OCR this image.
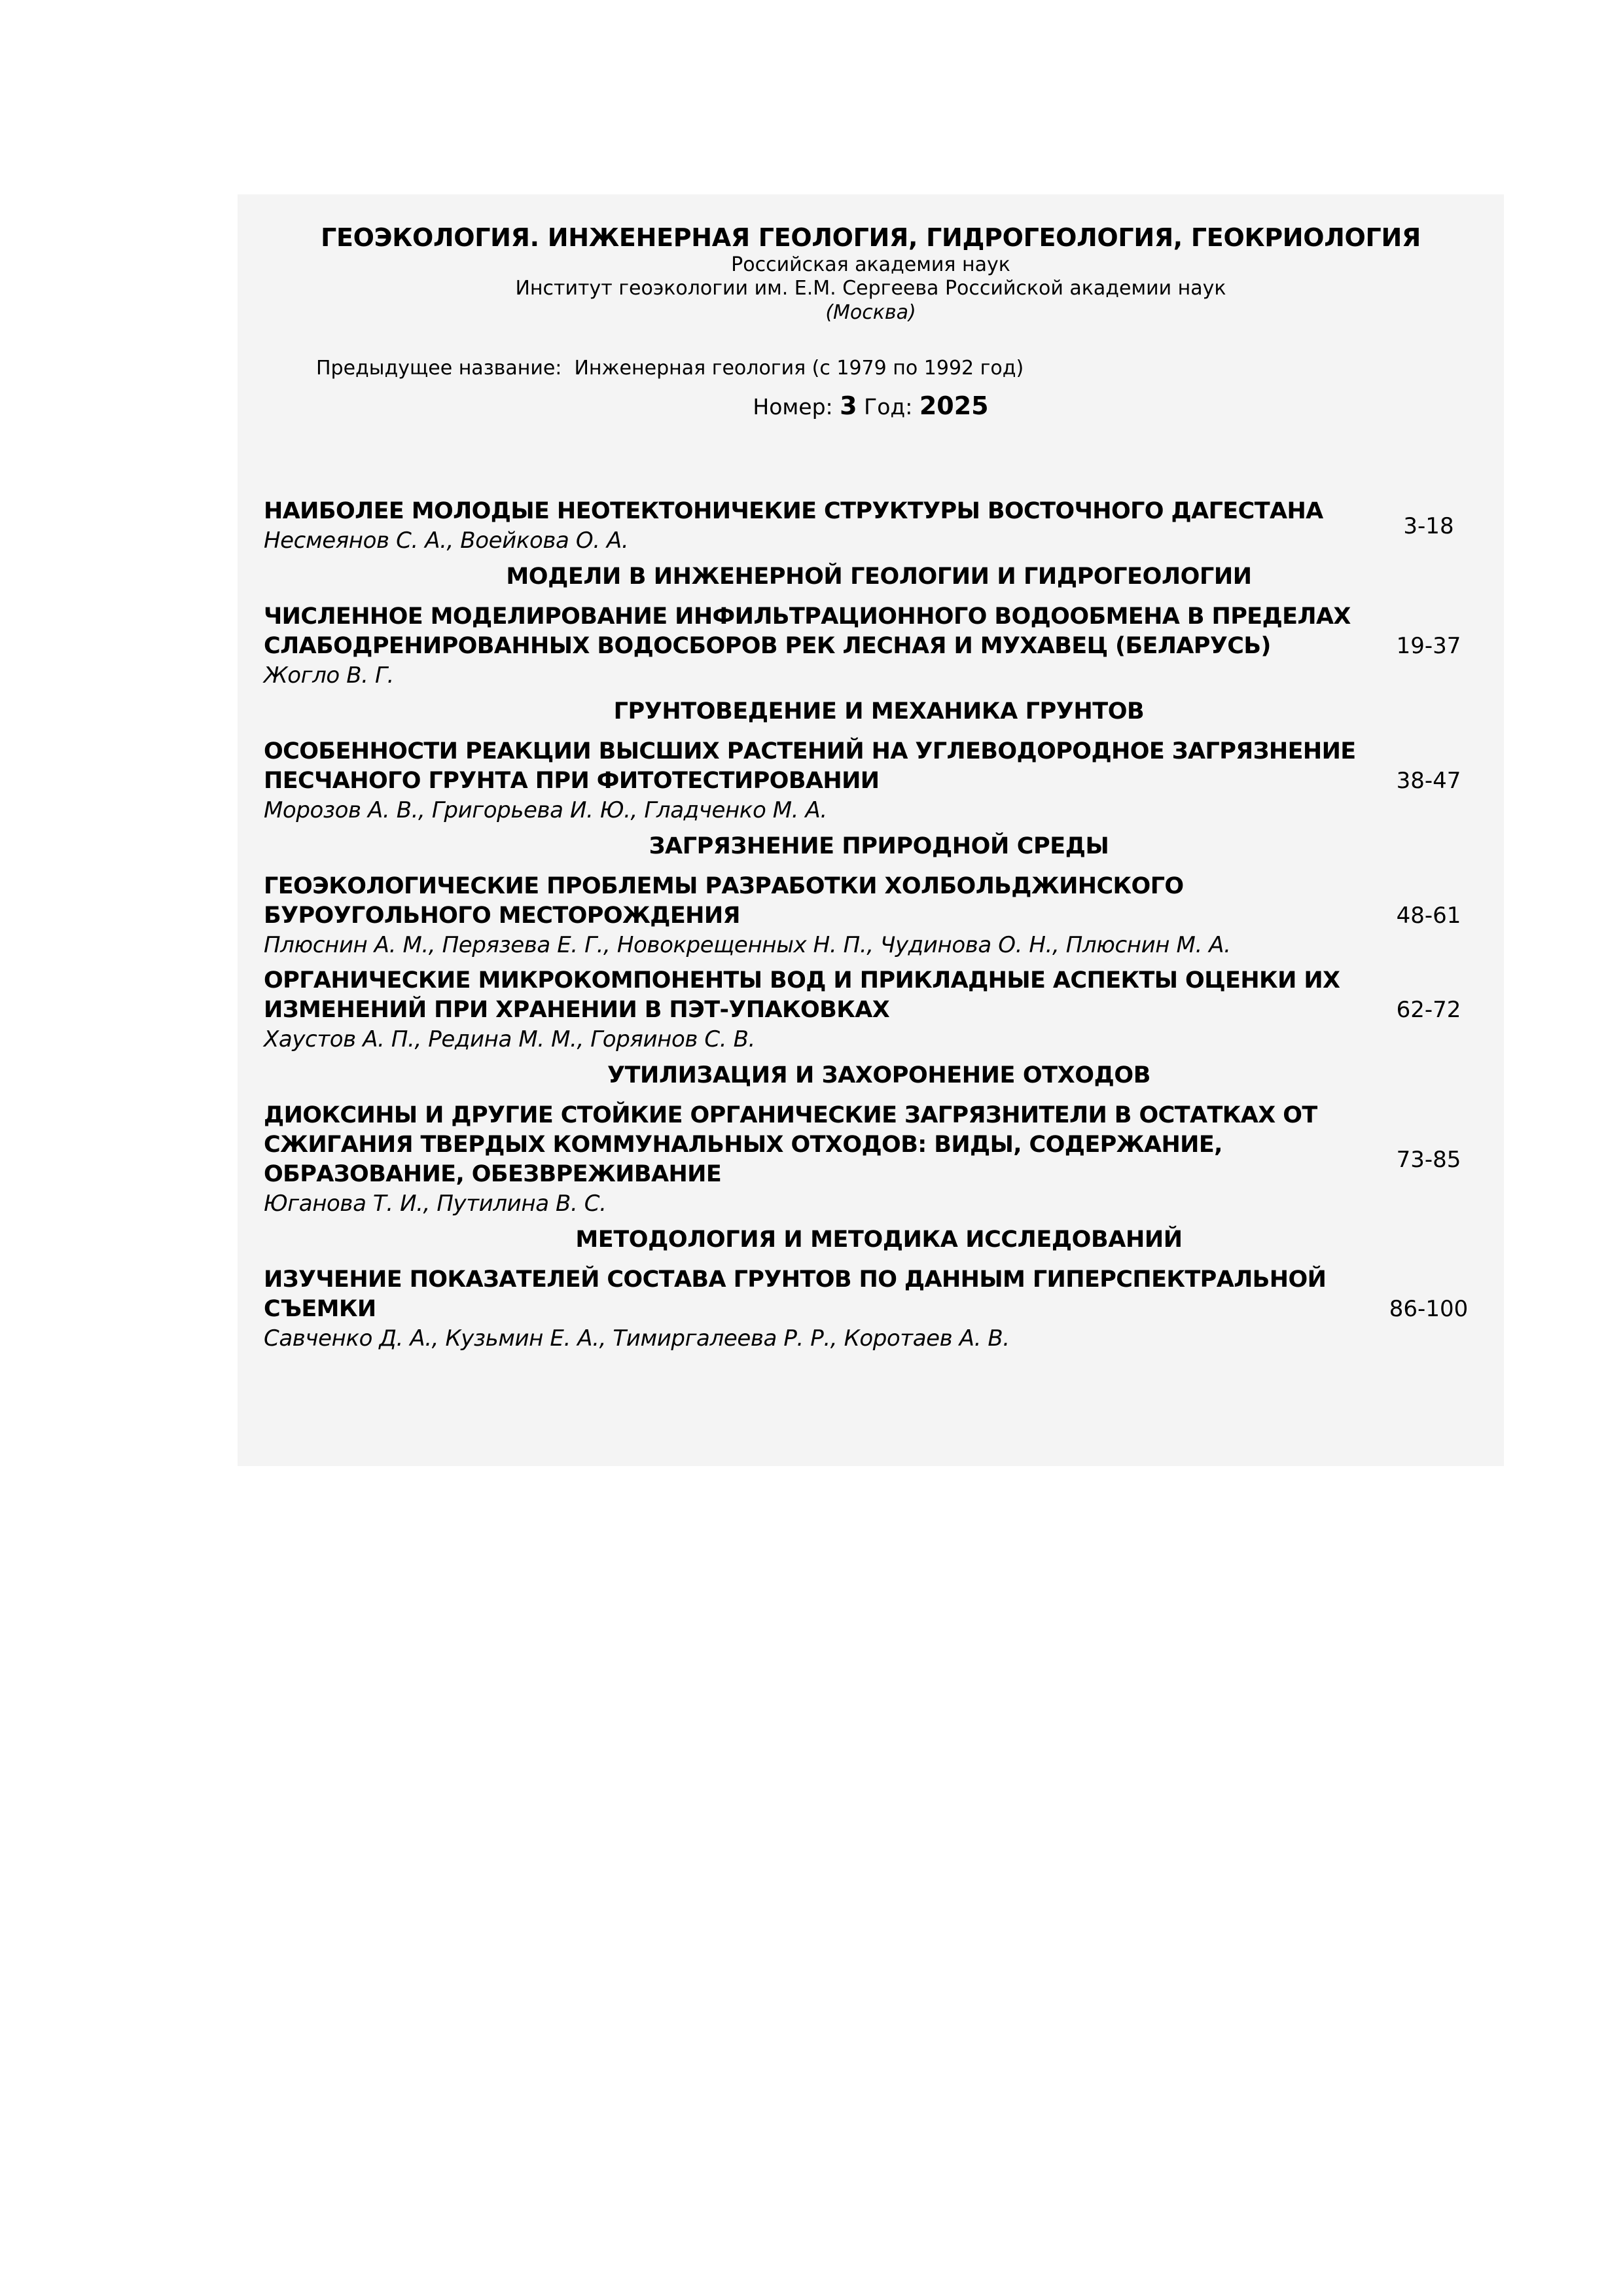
ГЕОЭКОЛОГИЯ. ИНЖЕНЕРНАЯ ГЕОЛОГИЯ, ГИДРОГЕОЛОГИЯ, ГЕОКРИОЛОГИЯ
Российская академия наук
Институт геоэкологии им. Е.М. Сергеева Российской академии наук
(Москва)
Предыдущее название: Инженерная геология (с 1979 по 1992 год)
Номер: 3 Год: 2025
НАИБОЛЕЕ МОЛОДЫЕ НЕОТЕКТОНИЧЕКИЕ СТРУКТУРЫ ВОСТОЧНОГО ДАГЕСТАНА
Несмеянов С. А., Воейкова О. А.
3-18
МОДЕЛИ В ИНЖЕНЕРНОЙ ГЕОЛОГИИ И ГИДРОГЕОЛОГИИ
ЧИСЛЕННОЕ МОДЕЛИРОВАНИЕ ИНФИЛЬТРАЦИОННОГО ВОДООБМЕНА В ПРЕДЕЛАХ
СЛАБОДРЕНИРОВАННЫХ ВОДОСБОРОВ РЕК ЛЕСНАЯ И МУХАВЕЦ (БЕЛАРУСЬ)
Жогло В. Г.
19-37
ГРУНТОВЕДЕНИЕ И МЕХАНИКА ГРУНТОВ
ОСОБЕННОСТИ РЕАКЦИИ ВЫСШИХ РАСТЕНИЙ НА УГЛЕВОДОРОДНОЕ ЗАГРЯЗНЕНИЕ
ПЕСЧАНОГО ГРУНТА ПРИ ФИТОТЕСТИРОВАНИИ
Морозов А. В., Григорьева И. Ю., Гладченко М. А.
38-47
ЗАГРЯЗНЕНИЕ ПРИРОДНОЙ СРЕДЫ
ГЕОЭКОЛОГИЧЕСКИЕ ПРОБЛЕМЫ РАЗРАБОТКИ ХОЛБОЛЬДЖИНСКОГО
БУРОУГОЛЬНОГО МЕСТОРОЖДЕНИЯ
Плюснин А. М., Перязева Е. Г., Новокрещенных Н. П., Чудинова О. Н., Плюснин М. А.
48-61
ОРГАНИЧЕСКИЕ МИКРОКОМПОНЕНТЫ ВОД И ПРИКЛАДНЫЕ АСПЕКТЫ ОЦЕНКИ ИХ
ИЗМЕНЕНИЙ ПРИ ХРАНЕНИИ В ПЭТ-УПАКОВКАХ
Хаустов А. П., Редина М. М., Горяинов С. В.
62-72
УТИЛИЗАЦИЯ И ЗАХОРОНЕНИЕ ОТХОДОВ
ДИОКСИНЫ И ДРУГИЕ СТОЙКИЕ ОРГАНИЧЕСКИЕ ЗАГРЯЗНИТЕЛИ В ОСТАТКАХ ОТ
СЖИГАНИЯ ТВЕРДЫХ КОММУНАЛЬНЫХ ОТХОДОВ: ВИДЫ, СОДЕРЖАНИЕ,
ОБРАЗОВАНИЕ, ОБЕЗВРЕЖИВАНИЕ
Юганова Т. И., Путилина В. С.
73-85
МЕТОДОЛОГИЯ И МЕТОДИКА ИССЛЕДОВАНИЙ
ИЗУЧЕНИЕ ПОКАЗАТЕЛЕЙ СОСТАВА ГРУНТОВ ПО ДАННЫМ ГИПЕРСПЕКТРАЛЬНОЙ
СЪЕМКИ
Савченко Д. А., Кузьмин Е. А., Тимиргалеева Р. Р., Коротаев А. В.
86-100
